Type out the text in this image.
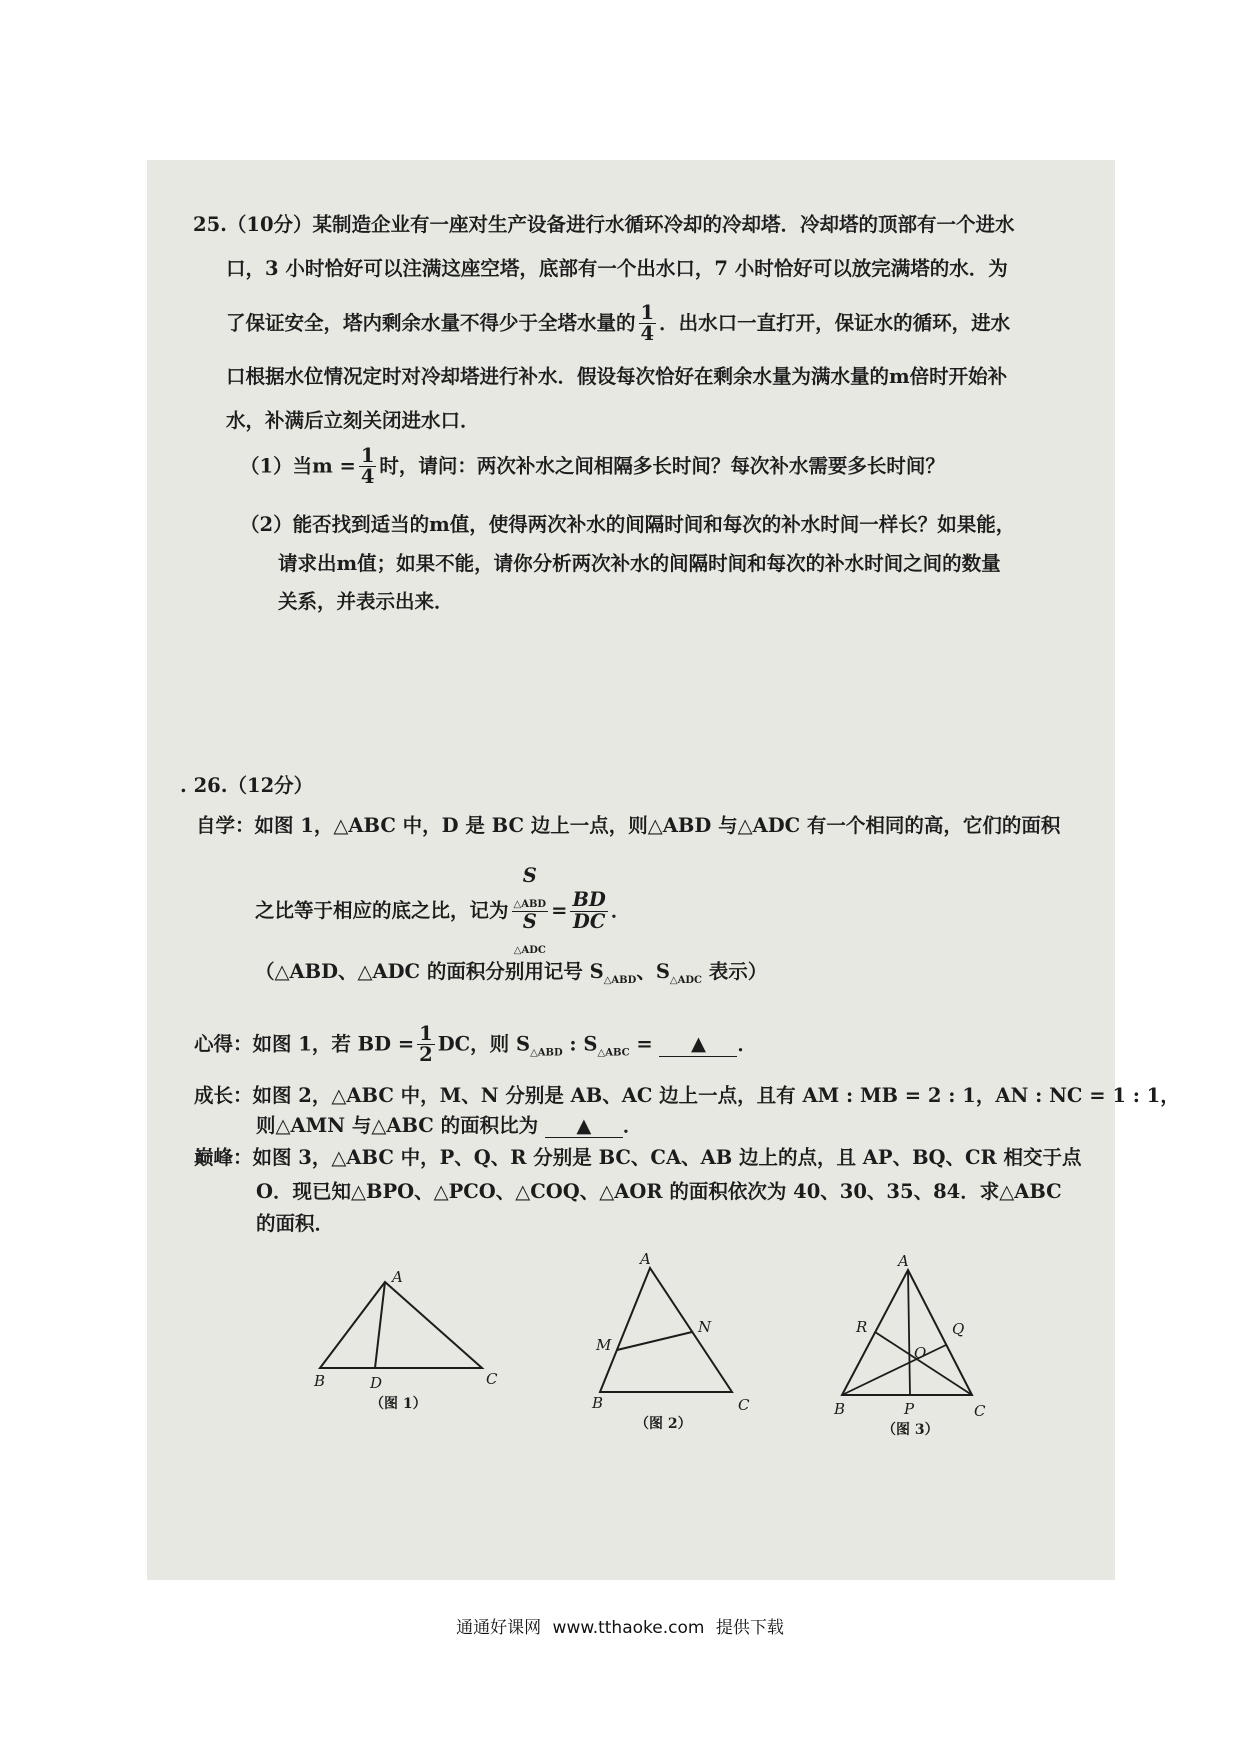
25.（10分）某制造企业有一座对生产设备进行水循环冷却的冷却塔．冷却塔的顶部有一个进水
口，3 小时恰好可以注满这座空塔，底部有一个出水口，7 小时恰好可以放完满塔的水．为
了保证安全，塔内剩余水量不得少于全塔水量的 $\frac{1}{4}$ ．出水口一直打开，保证水的循环，进水
口根据水位情况定时对冷却塔进行补水．假设每次恰好在剩余水量为满水量的m倍时开始补
水，补满后立刻关闭进水口．
（1）当$m = \frac{1}{4}$ 时，请问：两次补水之间相隔多长时间？每次补水需要多长时间？
（2）能否找到适当的m值，使得两次补水的间隔时间和每次的补水时间一样长？如果能，
请求出m值；如果不能，请你分析两次补水的间隔时间和每次的补水时间之间的数量
关系，并表示出来．
. 26.（12分）
自学：如图 1，△ABC 中，D 是 BC 边上一点，则△ABD 与△ADC 有一个相同的高，它们的面积
之比等于相应的底之比，记为 S
$_{\triangle ABD}$
S
$_{\triangle ADC} = \frac{BD}{DC}$ ．
（△ABD、△ADC 的面积分别用记号 $S_{\triangle ABD}$、$S_{\triangle ADC}$ 表示）
心得：如图 1，若 BD = $\frac{1}{2}$ DC，则 $S_{\triangle ABD}$ : $S_{\triangle ABC}$ = ▲ ．
成长：如图 2，△ABC 中，M、N 分别是 AB、AC 边上一点，且有 AM : MB = 2 : 1，AN : NC = 1 : 1，
则△AMN 与△ABC 的面积比为 ▲ ．
巅峰：如图 3，△ABC 中，P、Q、R 分别是 BC、CA、AB 边上的点，且 AP、BQ、CR 相交于点
O．现已知△BPO、△PCO、△COQ、△AOR 的面积依次为 40、30、35、84．求△ABC
的面积．
A
B	D	C
（图 1）
A
M
N
B	C
（图 2）
A
R	Q
O
B	P	C
（图 3）
通通好课网 www.tthaoke.com 提供下载
